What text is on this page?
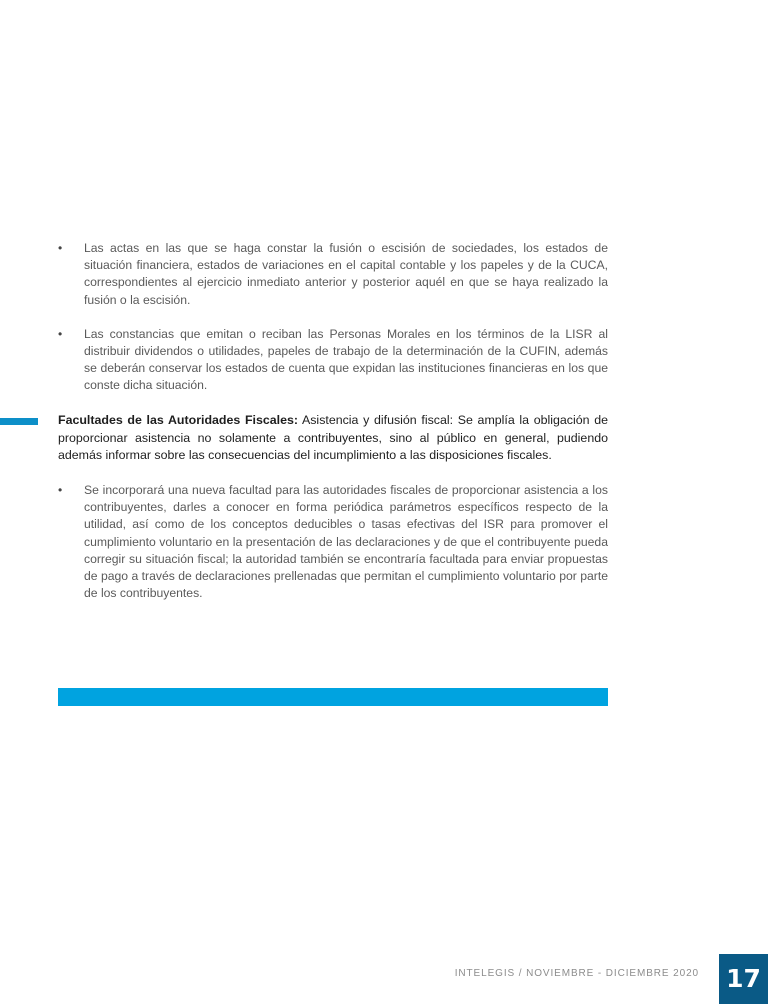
•	Las actas en las que se haga constar la fusión o escisión de sociedades, los estados de situación financiera, estados de variaciones en el capital contable y los papeles y de la CUCA, correspondientes al ejercicio inmediato anterior y posterior aquél en que se haya realizado la fusión o la escisión.
•	Las constancias que emitan o reciban las Personas Morales en los términos de la LISR al distribuir dividendos o utilidades, papeles de trabajo de la determinación de la CUFIN, además se deberán conservar los estados de cuenta que expidan las instituciones financieras en los que conste dicha situación.

Facultades de las Autoridades Fiscales: Asistencia y difusión fiscal: Se amplía la obligación de proporcionar asistencia no solamente a contribuyentes, sino al público en general, pudiendo además informar sobre las consecuencias del incumplimiento a las disposiciones fiscales.

•	Se incorporará una nueva facultad para las autoridades fiscales de proporcionar asistencia a los contribuyentes, darles a conocer en forma periódica parámetros específicos respecto de la utilidad, así como de los conceptos deducibles o tasas efectivas del ISR para promover el cumplimiento voluntario en la presentación de las declaraciones y de que el contribuyente pueda corregir su situación fiscal; la autoridad también se encontraría facultada para enviar propuestas de pago a través de declaraciones prellenadas que permitan el cumplimiento voluntario por parte de los contribuyentes.
INTELEGIS / NOVIEMBRE - DICIEMBRE 2020 17
